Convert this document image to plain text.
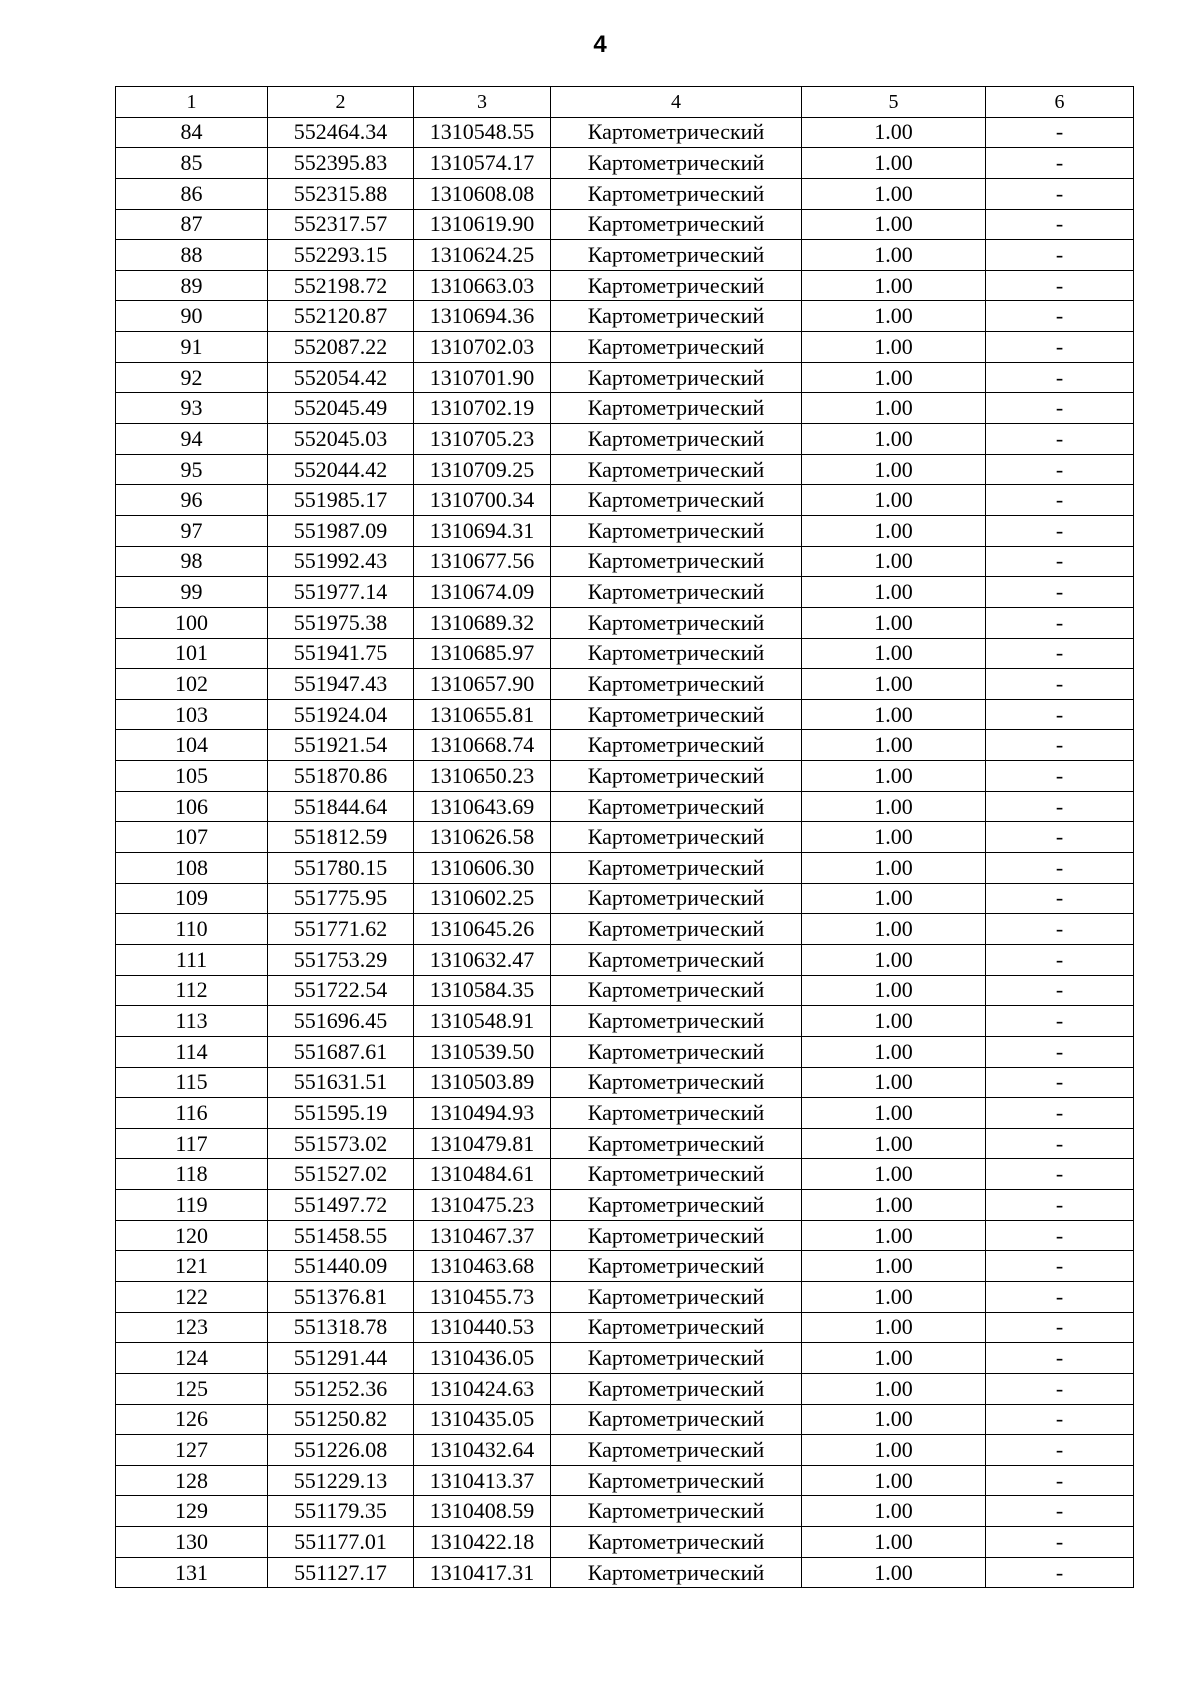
4
1	2	3	4	5	6
84	552464.34	1310548.55	Картометрический	1.00	-
85	552395.83	1310574.17	Картометрический	1.00	-
86	552315.88	1310608.08	Картометрический	1.00	-
87	552317.57	1310619.90	Картометрический	1.00	-
88	552293.15	1310624.25	Картометрический	1.00	-
89	552198.72	1310663.03	Картометрический	1.00	-
90	552120.87	1310694.36	Картометрический	1.00	-
91	552087.22	1310702.03	Картометрический	1.00	-
92	552054.42	1310701.90	Картометрический	1.00	-
93	552045.49	1310702.19	Картометрический	1.00	-
94	552045.03	1310705.23	Картометрический	1.00	-
95	552044.42	1310709.25	Картометрический	1.00	-
96	551985.17	1310700.34	Картометрический	1.00	-
97	551987.09	1310694.31	Картометрический	1.00	-
98	551992.43	1310677.56	Картометрический	1.00	-
99	551977.14	1310674.09	Картометрический	1.00	-
100	551975.38	1310689.32	Картометрический	1.00	-
101	551941.75	1310685.97	Картометрический	1.00	-
102	551947.43	1310657.90	Картометрический	1.00	-
103	551924.04	1310655.81	Картометрический	1.00	-
104	551921.54	1310668.74	Картометрический	1.00	-
105	551870.86	1310650.23	Картометрический	1.00	-
106	551844.64	1310643.69	Картометрический	1.00	-
107	551812.59	1310626.58	Картометрический	1.00	-
108	551780.15	1310606.30	Картометрический	1.00	-
109	551775.95	1310602.25	Картометрический	1.00	-
110	551771.62	1310645.26	Картометрический	1.00	-
111	551753.29	1310632.47	Картометрический	1.00	-
112	551722.54	1310584.35	Картометрический	1.00	-
113	551696.45	1310548.91	Картометрический	1.00	-
114	551687.61	1310539.50	Картометрический	1.00	-
115	551631.51	1310503.89	Картометрический	1.00	-
116	551595.19	1310494.93	Картометрический	1.00	-
117	551573.02	1310479.81	Картометрический	1.00	-
118	551527.02	1310484.61	Картометрический	1.00	-
119	551497.72	1310475.23	Картометрический	1.00	-
120	551458.55	1310467.37	Картометрический	1.00	-
121	551440.09	1310463.68	Картометрический	1.00	-
122	551376.81	1310455.73	Картометрический	1.00	-
123	551318.78	1310440.53	Картометрический	1.00	-
124	551291.44	1310436.05	Картометрический	1.00	-
125	551252.36	1310424.63	Картометрический	1.00	-
126	551250.82	1310435.05	Картометрический	1.00	-
127	551226.08	1310432.64	Картометрический	1.00	-
128	551229.13	1310413.37	Картометрический	1.00	-
129	551179.35	1310408.59	Картометрический	1.00	-
130	551177.01	1310422.18	Картометрический	1.00	-
131	551127.17	1310417.31	Картометрический	1.00	-
